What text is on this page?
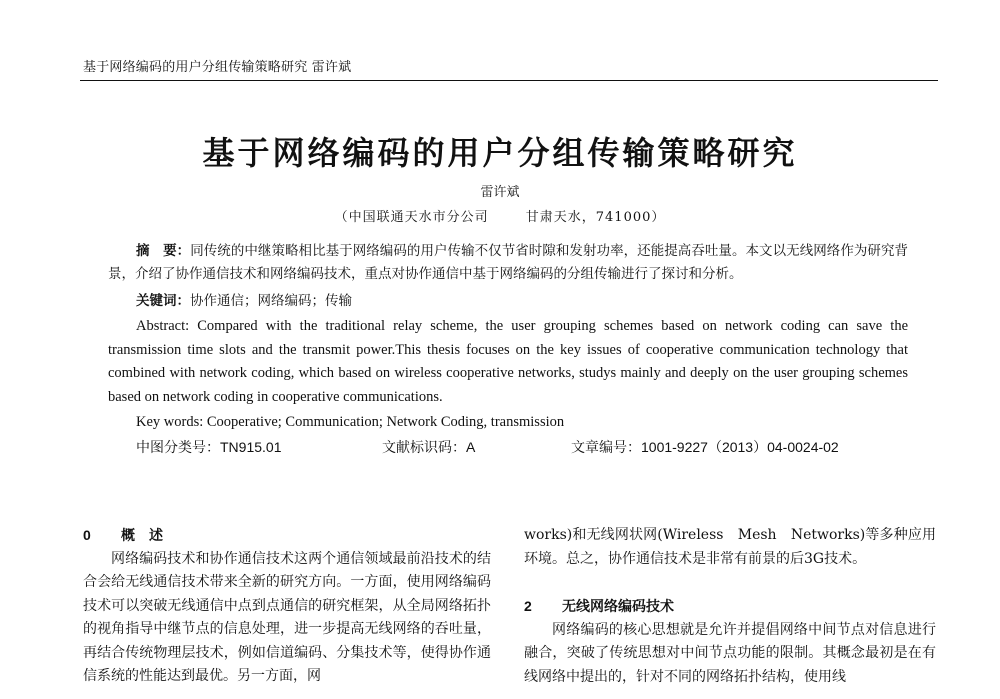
基于网络编码的用户分组传输策略研究 雷许斌
基于网络编码的用户分组传输策略研究
雷许斌
（中国联通天水市分公司	甘肃天水，741000）
摘　要：同传统的中继策略相比基于网络编码的用户传输不仅节省时隙和发射功率，还能提高吞吐量。本文以无线网络作为研究背景，介绍了协作通信技术和网络编码技术，重点对协作通信中基于网络编码的分组传输进行了探讨和分析。
关键词：协作通信；网络编码；传输
Abstract: Compared with the traditional relay scheme, the user grouping schemes based on network coding can save the transmission time slots and the transmit power.This thesis focuses on the key issues of cooperative communication technology that combined with network coding, which based on wireless cooperative networks, studys mainly and deeply on the user grouping schemes based on network coding in cooperative communications.
Key words: Cooperative; Communication; Network Coding, transmission
中图分类号：TN915.01	文献标识码：A	文章编号：1001-9227（2013）04-0024-02
0 概　述

网络编码技术和协作通信技术这两个通信领域最前沿技术的结合会给无线通信技术带来全新的研究方向。一方面，使用网络编码技术可以突破无线通信中点到点通信的研究框架，从全局网络拓扑的视角指导中继节点的信息处理，进一步提高无线网络的吞吐量，再结合传统物理层技术，例如信道编码、分集技术等，使得协作通信系统的性能达到最优。另一方面，网

works)和无线网状网(Wireless　Mesh　Networks)等多种应用环境。总之，协作通信技术是非常有前景的后3G技术。

2 无线网络编码技术

网络编码的核心思想就是允许并提倡网络中间节点对信息进行融合，突破了传统思想对中间节点功能的限制。其概念最初是在有线网络中提出的，针对不同的网络拓扑结构，使用线
